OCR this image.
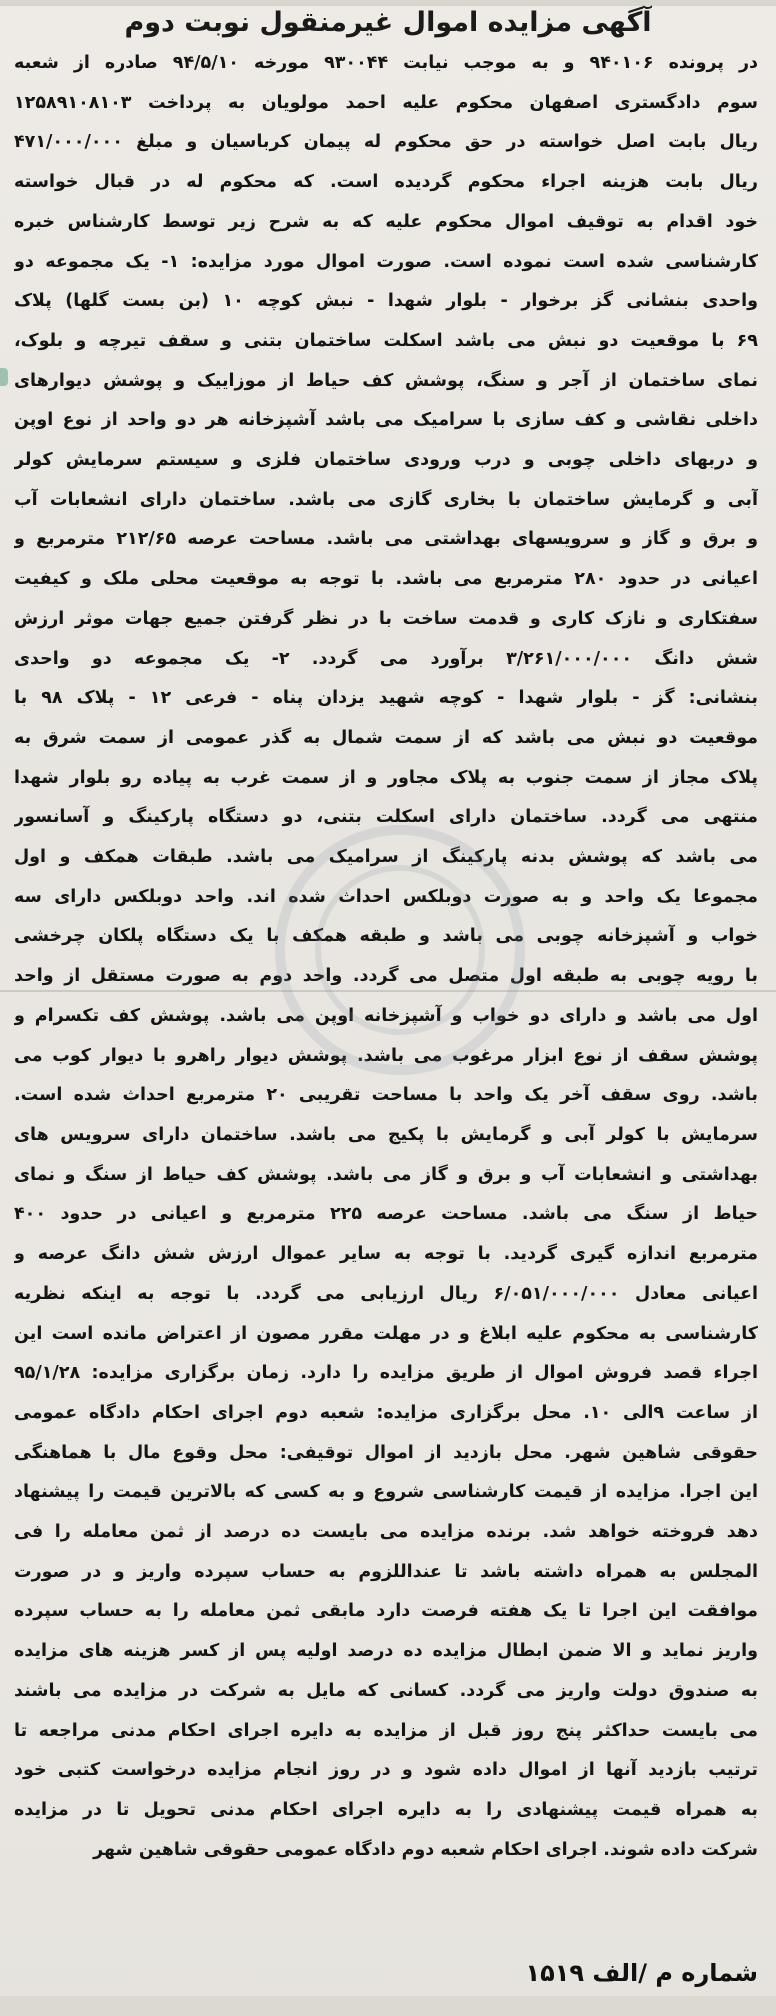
آگهی مزایده اموال غیرمنقول نوبت دوم
در پرونده ۹۴۰۱۰۶ و به موجب نیابت ۹۳۰۰۴۴ مورخه ۹۴/۵/۱۰ صادره از شعبه
سوم دادگستری اصفهان محکوم علیه احمد مولویان به پرداخت ۱۲۵۸۹۱۰۸۱۰۳
ریال بابت اصل خواسته در حق محکوم له پیمان کرباسیان و مبلغ ۴۷۱/۰۰۰/۰۰۰
ریال بابت هزینه اجراء محکوم گردیده است. که محکوم له در قبال خواسته
خود اقدام به توقیف اموال محکوم علیه که به شرح زیر توسط کارشناس خبره
کارشناسی شده است نموده است. صورت اموال مورد مزایده: ۱- یک مجموعه دو
واحدی بنشانی گز برخوار - بلوار شهدا - نبش کوچه ۱۰ (بن بست گلها) پلاک
۶۹ با موقعیت دو نبش می باشد اسکلت ساختمان بتنی و سقف تیرچه و بلوک،
نمای ساختمان از آجر و سنگ، پوشش کف حیاط از موزاییک و پوشش دیوارهای
داخلی نقاشی و کف سازی با سرامیک می باشد آشپزخانه هر دو واحد از نوع اوپن
و دربهای داخلی چوبی و درب ورودی ساختمان فلزی و سیستم سرمایش کولر
آبی و گرمایش ساختمان با بخاری گازی می باشد. ساختمان دارای انشعابات آب
و برق و گاز و سرویسهای بهداشتی می باشد. مساحت عرصه ۲۱۲/۶۵ مترمربع و
اعیانی در حدود ۲۸۰ مترمربع می باشد. با توجه به موقعیت محلی ملک و کیفیت
سفتکاری و نازک کاری و قدمت ساخت با در نظر گرفتن جمیع جهات موثر ارزش
شش دانگ ۳/۲۶۱/۰۰۰/۰۰۰ برآورد می گردد. ۲- یک مجموعه دو واحدی
بنشانی: گز - بلوار شهدا - کوچه شهید یزدان پناه - فرعی ۱۲ - پلاک ۹۸ با
موقعیت دو نبش می باشد که از سمت شمال به گذر عمومی از سمت شرق به
پلاک مجاز از سمت جنوب به پلاک مجاور و از سمت غرب به پیاده رو بلوار شهدا
منتهی می گردد. ساختمان دارای اسکلت بتنی، دو دستگاه پارکینگ و آسانسور
می باشد که پوشش بدنه پارکینگ از سرامیک می باشد. طبقات همکف و اول
مجموعا یک واحد و به صورت دوبلکس احداث شده اند. واحد دوبلکس دارای سه
خواب و آشپزخانه چوبی می باشد و طبقه همکف با یک دستگاه پلکان چرخشی
با رویه چوبی به طبقه اول متصل می گردد. واحد دوم به صورت مستقل از واحد
اول می باشد و دارای دو خواب و آشپزخانه اوپن می باشد. پوشش کف تکسرام و
پوشش سقف از نوع ابزار مرغوب می باشد. پوشش دیوار راهرو با دیوار کوب می
باشد. روی سقف آخر یک واحد با مساحت تقریبی ۲۰ مترمربع احداث شده است.
سرمایش با کولر آبی و گرمایش با پکیج می باشد. ساختمان دارای سرویس های
بهداشتی و انشعابات آب و برق و گاز می باشد. پوشش کف حیاط از سنگ و نمای
حیاط از سنگ می باشد. مساحت عرصه ۲۲۵ مترمربع و اعیانی در حدود ۴۰۰
مترمربع اندازه گیری گردید. با توجه به سایر عموال ارزش شش دانگ عرصه و
اعیانی معادل ۶/۰۵۱/۰۰۰/۰۰۰ ریال ارزیابی می گردد. با توجه به اینکه نظریه
کارشناسی به محکوم علیه ابلاغ و در مهلت مقرر مصون از اعتراض مانده است این
اجراء قصد فروش اموال از طریق مزایده را دارد. زمان برگزاری مزایده: ۹۵/۱/۲۸
از ساعت ۹الی ۱۰. محل برگزاری مزایده: شعبه دوم اجرای احکام دادگاه عمومی
حقوقی شاهین شهر. محل بازدید از اموال توقیفی: محل وقوع مال با هماهنگی
این اجرا. مزایده از قیمت کارشناسی شروع و به کسی که بالاترین قیمت را پیشنهاد
دهد فروخته خواهد شد. برنده مزایده می بایست ده درصد از ثمن معامله را فی
المجلس به همراه داشته باشد تا عنداللزوم به حساب سپرده واریز و در صورت
موافقت این اجرا تا یک هفته فرصت دارد مابقی ثمن معامله را به حساب سپرده
واریز نماید و الا ضمن ابطال مزایده ده درصد اولیه پس از کسر هزینه های مزایده
به صندوق دولت واریز می گردد. کسانی که مایل به شرکت در مزایده می باشند
می بایست حداکثر پنج روز قبل از مزایده به دایره اجرای احکام مدنی مراجعه تا
ترتیب بازدید آنها از اموال داده شود و در روز انجام مزایده درخواست کتبی خود
به همراه قیمت پیشنهادی را به دایره اجرای احکام مدنی تحویل تا در مزایده
شرکت داده شوند. اجرای احکام شعبه دوم دادگاه عمومی حقوقی شاهین شهر
شماره م /الف ۱۵۱۹
